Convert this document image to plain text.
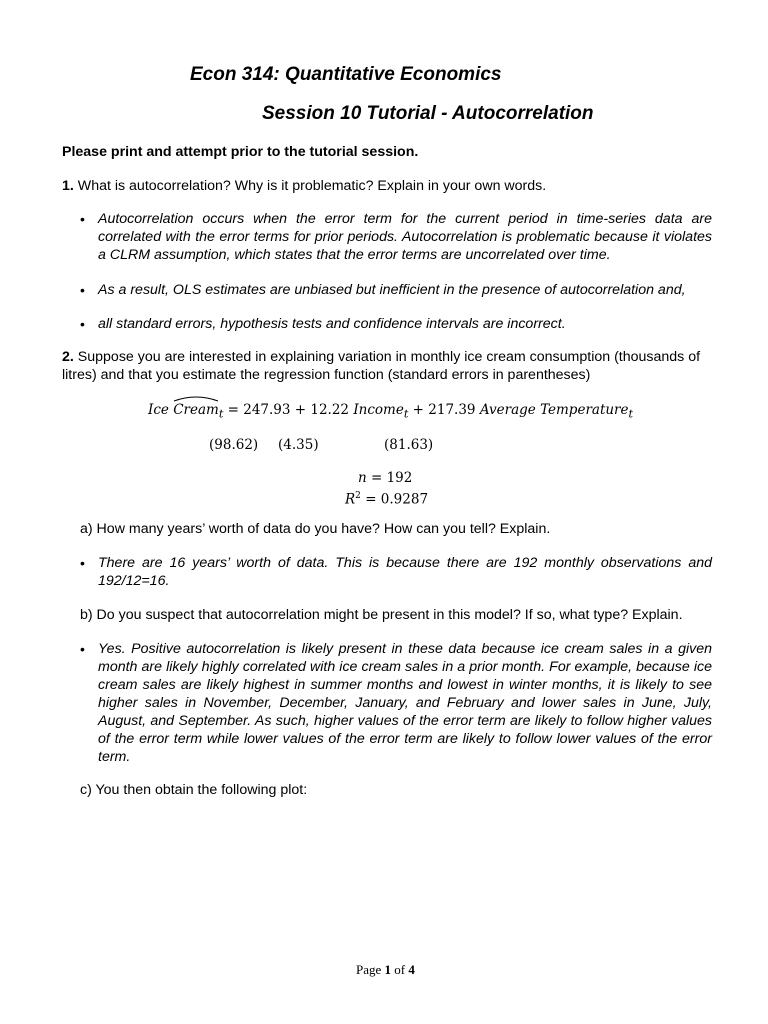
Econ 314: Quantitative Economics
Session 10 Tutorial - Autocorrelation
Please print and attempt prior to the tutorial session.
1. What is autocorrelation? Why is it problematic? Explain in your own words.
• Autocorrelation occurs when the error term for the current period in time-series data are correlated with the error terms for prior periods. Autocorrelation is problematic because it violates a CLRM assumption, which states that the error terms are uncorrelated over time.
• As a result, OLS estimates are unbiased but inefficient in the presence of autocorrelation and,
• all standard errors, hypothesis tests and confidence intervals are incorrect.
2. Suppose you are interested in explaining variation in monthly ice cream consumption (thousands of litres) and that you estimate the regression function (standard errors in parentheses)
Ice Cream$_t$ = 247.93 + 12.22 Income$_t$ + 217.39 Average Temperature$_t$
(98.62) (4.35)	(81.63)
n = 192
$R^2 = 0.9287$
a) How many years’ worth of data do you have? How can you tell? Explain.
• There are 16 years’ worth of data. This is because there are 192 monthly observations and 192/12=16.
b) Do you suspect that autocorrelation might be present in this model? If so, what type? Explain.
• Yes. Positive autocorrelation is likely present in these data because ice cream sales in a given month are likely highly correlated with ice cream sales in a prior month. For example, because ice cream sales are likely highest in summer months and lowest in winter months, it is likely to see higher sales in November, December, January, and February and lower sales in June, July, August, and September. As such, higher values of the error term are likely to follow higher values of the error term while lower values of the error term are likely to follow lower values of the error term.
c) You then obtain the following plot:
Page 1 of 4
